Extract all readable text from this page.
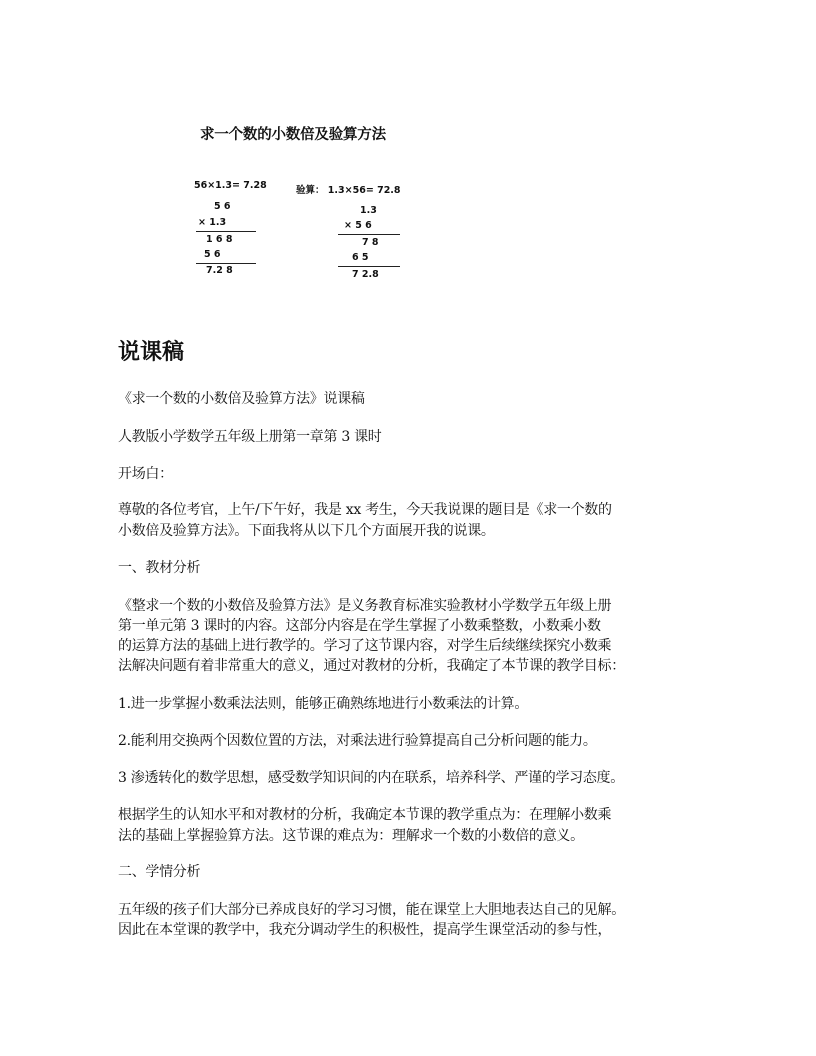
求一个数的小数倍及验算方法
56×1.3= 7.28
5 6
× 1.3
1 6 8
5 6
7.2 8
验算： 1.3×56= 72.8
1.3
× 5 6
7 8
6 5
7 2.8
说课稿
《求一个数的小数倍及验算方法》说课稿
人教版小学数学五年级上册第一章第 3 课时
开场白：
尊敬的各位考官，上午/下午好，我是 xx 考生，今天我说课的题目是《求一个数的
小数倍及验算方法》。下面我将从以下几个方面展开我的说课。
一、教材分析
《整求一个数的小数倍及验算方法》是义务教育标准实验教材小学数学五年级上册
第一单元第 3 课时的内容。这部分内容是在学生掌握了小数乘整数，小数乘小数
的运算方法的基础上进行教学的。学习了这节课内容，对学生后续继续探究小数乘
法解决问题有着非常重大的意义，通过对教材的分析，我确定了本节课的教学目标：
1.进一步掌握小数乘法法则，能够正确熟练地进行小数乘法的计算。
2.能利用交换两个因数位置的方法，对乘法进行验算提高自己分析问题的能力。
3 渗透转化的数学思想，感受数学知识间的内在联系，培养科学、严谨的学习态度。
根据学生的认知水平和对教材的分析，我确定本节课的教学重点为：在理解小数乘
法的基础上掌握验算方法。这节课的难点为：理解求一个数的小数倍的意义。
二、学情分析
五年级的孩子们大部分已养成良好的学习习惯，能在课堂上大胆地表达自己的见解。
因此在本堂课的教学中，我充分调动学生的积极性，提高学生课堂活动的参与性，
